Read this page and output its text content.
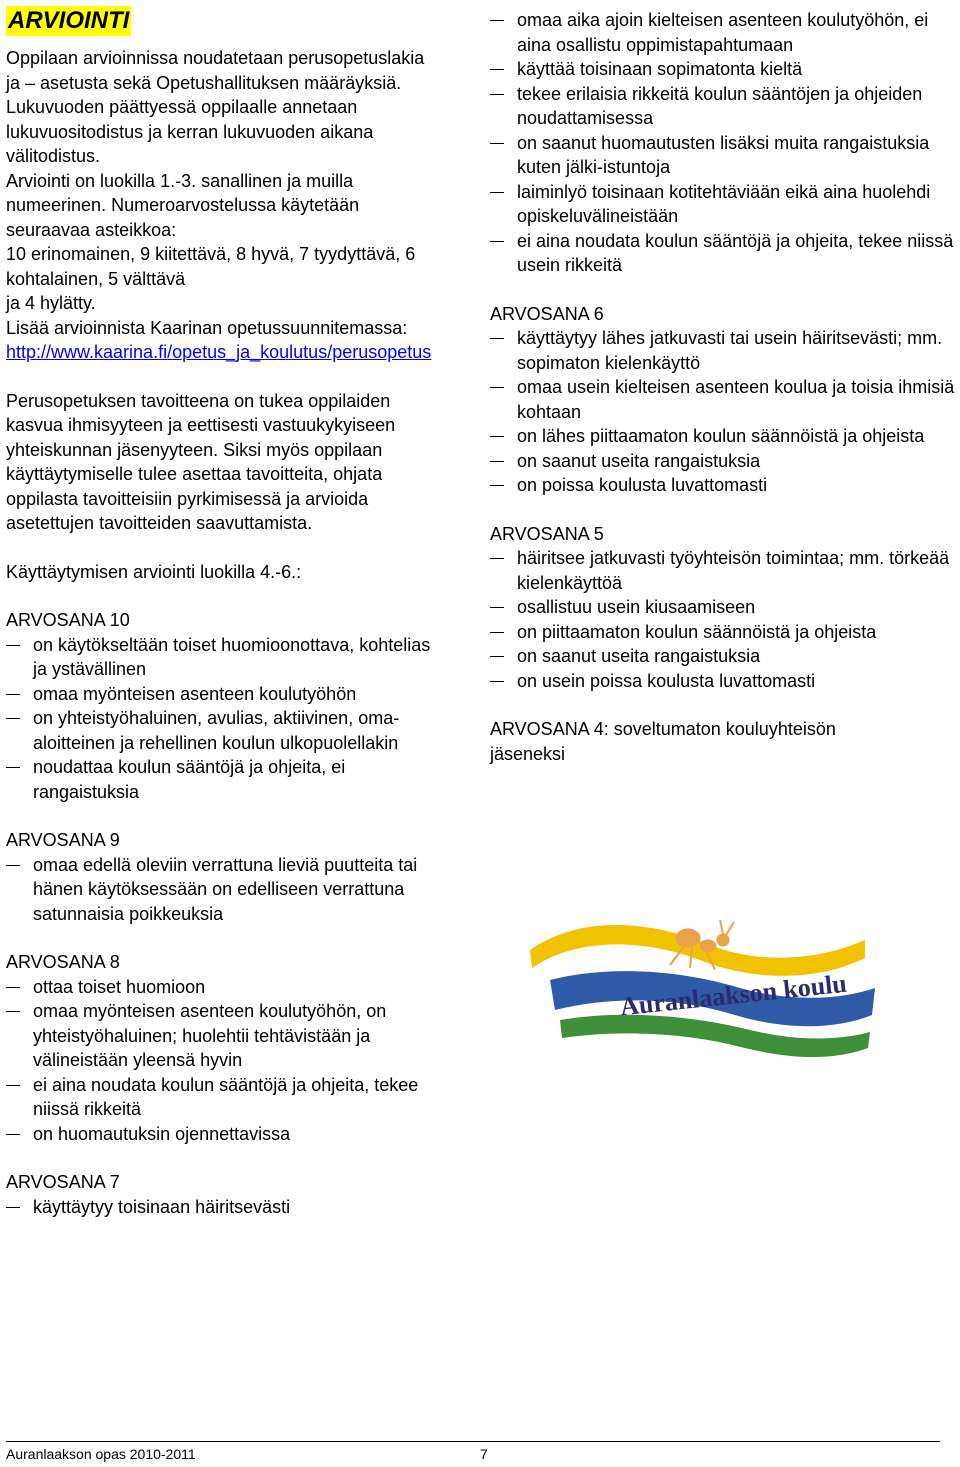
ARVIOINTI

Oppilaan arvioinnissa noudatetaan perusopetuslakia ja – asetusta sekä Opetushallituksen määräyksiä. Lukuvuoden päättyessä oppilaalle annetaan lukuvuositodistus ja kerran lukuvuoden aikana välitodistus.

Arviointi on luokilla 1.-3. sanallinen ja muilla numeerinen. Numeroarvostelussa käytetään seuraavaa asteikkoa:

10 erinomainen, 9 kiitettävä, 8 hyvä, 7 tyydyttävä, 6 kohtalainen, 5 välttävä

ja 4 hylätty.

Lisää arvioinnista Kaarinan opetussuunnitemassa:

http://www.kaarina.fi/opetus_ja_koulutus/perusopetus

Perusopetuksen tavoitteena on tukea oppilaiden kasvua ihmisyyteen ja eettisesti vastuukykyiseen yhteiskunnan jäsenyyteen. Siksi myös oppilaan käyttäytymiselle tulee asettaa tavoitteita, ohjata oppilasta tavoitteisiin pyrkimisessä ja arvioida asetettujen tavoitteiden saavuttamista.

Käyttäytymisen arviointi luokilla 4.-6.:

ARVOSANA 10

on käytökseltään toiset huomioonottava, kohtelias ja ystävällinen
omaa myönteisen asenteen koulutyöhön
on yhteistyöhaluinen, avulias, aktiivinen, oma-aloitteinen ja rehellinen koulun ulkopuolellakin
noudattaa koulun sääntöjä ja ohjeita, ei rangaistuksia

ARVOSANA 9

omaa edellä oleviin verrattuna lieviä puutteita tai hänen käytöksessään on edelliseen verrattuna satunnaisia poikkeuksia

ARVOSANA 8

ottaa toiset huomioon
omaa myönteisen asenteen koulutyöhön, on yhteistyöhaluinen; huolehtii tehtävistään ja välineistään yleensä hyvin
ei aina noudata koulun sääntöjä ja ohjeita, tekee niissä rikkeitä
on huomautuksin ojennettavissa

ARVOSANA 7

käyttäytyy toisinaan häiritsevästi
omaa aika ajoin kielteisen asenteen koulutyöhön, ei aina osallistu oppimistapahtumaan
käyttää toisinaan sopimatonta kieltä
tekee erilaisia rikkeitä koulun sääntöjen ja ohjeiden noudattamisessa
on saanut huomautusten lisäksi muita rangaistuksia kuten jälki-istuntoja
laiminlyö toisinaan kotitehtäviään eikä aina huolehdi opiskeluvälineistään
ei aina noudata koulun sääntöjä ja ohjeita, tekee niissä usein rikkeitä

ARVOSANA 6

käyttäytyy lähes jatkuvasti tai usein häiritsevästi; mm. sopimaton kielenkäyttö
omaa usein kielteisen asenteen koulua ja toisia ihmisiä kohtaan
on lähes piittaamaton koulun säännöistä ja ohjeista
on saanut useita rangaistuksia
on poissa koulusta luvattomasti

ARVOSANA 5

häiritsee jatkuvasti työyhteisön toimintaa; mm. törkeää kielenkäyttöä
osallistuu usein kiusaamiseen
on piittaamaton koulun säännöistä ja ohjeista
on saanut useita rangaistuksia
on usein poissa koulusta luvattomasti

ARVOSANA 4: soveltumaton kouluyhteisön jäseneksi

Auranlaakson koulu
Auranlaakson opas 2010-2011	7
